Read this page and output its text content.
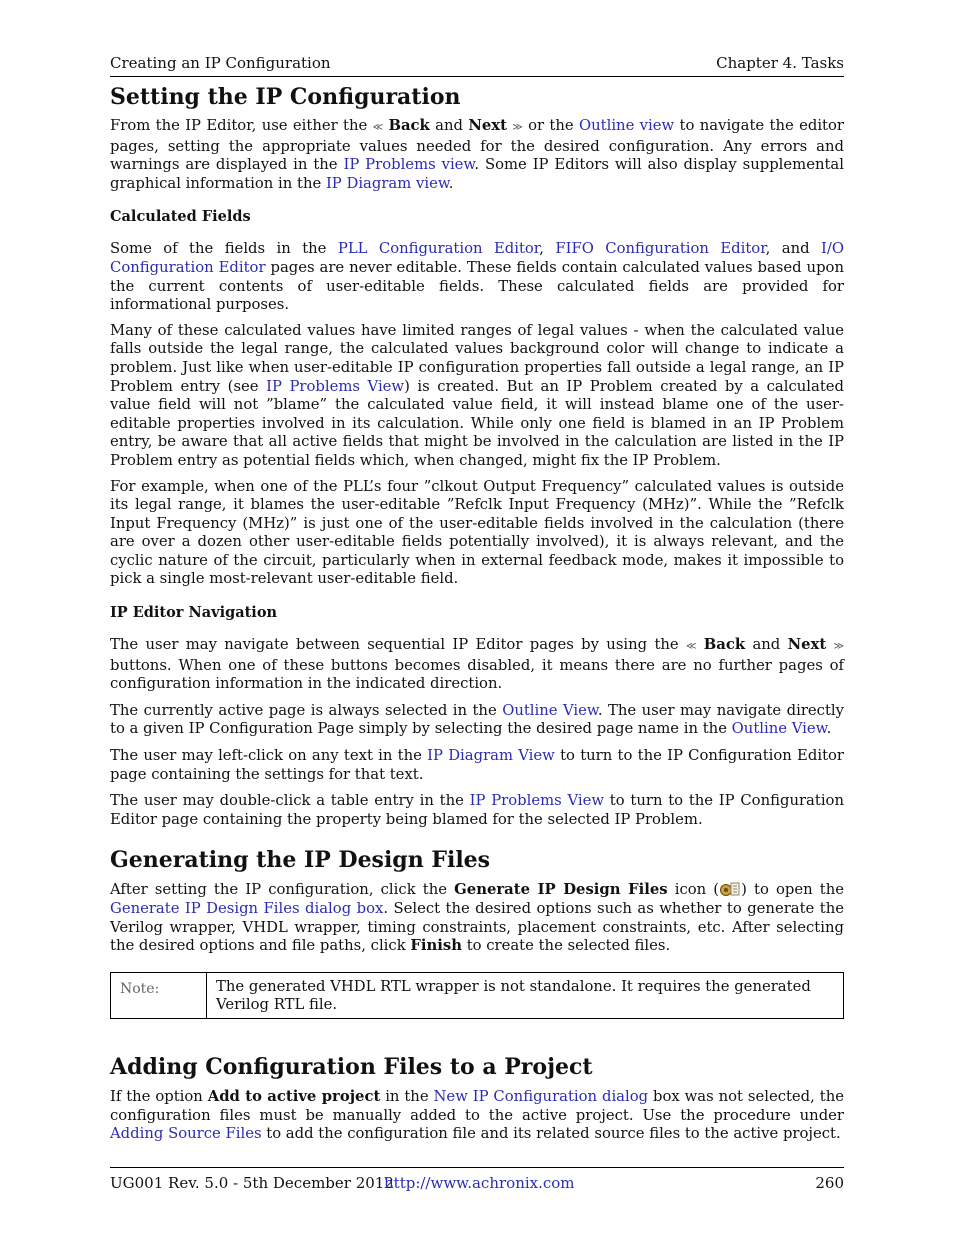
Creating an IP Configuration	Chapter 4. Tasks
Setting the IP Configuration

From the IP Editor, use either the ≪ Back and Next ≫ or the Outline view to navigate the editor pages, setting the appropriate values needed for the desired configuration. Any errors and warnings are displayed in the IP Problems view. Some IP Editors will also display supplemental graphical information in the IP Diagram view.

Calculated Fields

Some of the fields in the PLL Configuration Editor, FIFO Configuration Editor, and I/O Configuration Editor pages are never editable. These fields contain calculated values based upon the current contents of user-editable fields. These calculated fields are provided for informational purposes.

Many of these calculated values have limited ranges of legal values - when the calculated value falls outside the legal range, the calculated values background color will change to indicate a problem. Just like when user-editable IP configuration properties fall outside a legal range, an IP Problem entry (see IP Problems View) is created. But an IP Problem created by a calculated value field will not ”blame” the calculated value field, it will instead blame one of the user-editable properties involved in its calculation. While only one field is blamed in an IP Problem entry, be aware that all active fields that might be involved in the calculation are listed in the IP Problem entry as potential fields which, when changed, might fix the IP Problem.

For example, when one of the PLL’s four ”clkout Output Frequency” calculated values is outside its legal range, it blames the user-editable ”Refclk Input Frequency (MHz)”. While the ”Refclk Input Frequency (MHz)” is just one of the user-editable fields involved in the calculation (there are over a dozen other user-editable fields potentially involved), it is always relevant, and the cyclic nature of the circuit, particularly when in external feedback mode, makes it impossible to pick a single most-relevant user-editable field.

IP Editor Navigation

The user may navigate between sequential IP Editor pages by using the ≪ Back and Next ≫ buttons. When one of these buttons becomes disabled, it means there are no further pages of configuration information in the indicated direction.

The currently active page is always selected in the Outline View. The user may navigate directly to a given IP Configuration Page simply by selecting the desired page name in the Outline View.

The user may left-click on any text in the IP Diagram View to turn to the IP Configuration Editor page containing the settings for that text.

The user may double-click a table entry in the IP Problems View to turn to the IP Configuration Editor page containing the property being blamed for the selected IP Problem.

Generating the IP Design Files

After setting the IP configuration, click the Generate IP Design Files icon ( ) to open the Generate IP Design Files dialog box. Select the desired options such as whether to generate the Verilog wrapper, VHDL wrapper, timing constraints, placement constraints, etc. After selecting the desired options and file paths, click Finish to create the selected files.

Note:	The generated VHDL RTL wrapper is not standalone. It requires the generated Verilog RTL file.
Adding Configuration Files to a Project

If the option Add to active project in the New IP Configuration dialog box was not selected, the configuration files must be manually added to the active project. Use the procedure under Adding Source Files to add the configuration file and its related source files to the active project.

UG001 Rev. 5.0 - 5th December 2012
http://www.achronix.com	260
